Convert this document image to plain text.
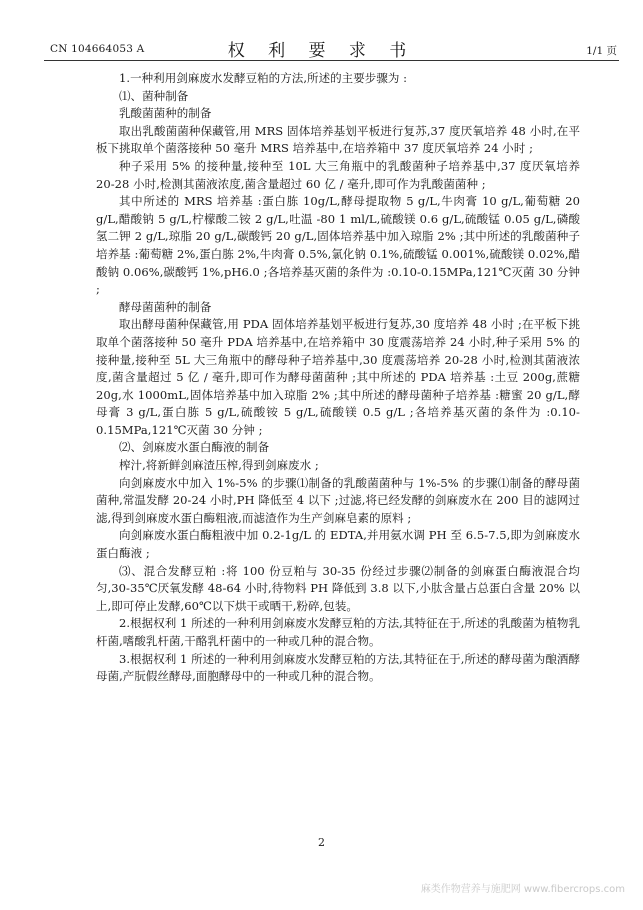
CN 104664053 A	权 利 要 求 书	1/1 页

1.一种利用剑麻废水发酵豆粕的方法,所述的主要步骤为 :

⑴、菌种制备

乳酸菌菌种的制备

取出乳酸菌菌种保藏管,用 MRS 固体培养基划平板进行复苏,37 度厌氧培养 48 小时,在平板下挑取单个菌落接种 50 毫升 MRS 培养基中,在培养箱中 37 度厌氧培养 24 小时 ;

种子采用 5% 的接种量,接种至 10L 大三角瓶中的乳酸菌种子培养基中,37 度厌氧培养 20-28 小时,检测其菌液浓度,菌含量超过 60 亿 / 毫升,即可作为乳酸菌菌种 ;

其中所述的 MRS 培养基 :蛋白胨 10g/L,酵母提取物 5 g/L,牛肉膏 10 g/L,葡萄糖 20 g/L,醋酸钠 5 g/L,柠檬酸二铵 2 g/L,吐温 -80 1 ml/L,硫酸镁 0.6 g/L,硫酸锰 0.05 g/L,磷酸氢二钾 2 g/L,琼脂 20 g/L,碳酸钙 20 g/L,固体培养基中加入琼脂 2% ;其中所述的乳酸菌种子培养基 :葡萄糖 2%,蛋白胨 2%,牛肉膏 0.5%,氯化钠 0.1%,硫酸锰 0.001%,硫酸镁 0.02%,醋酸钠 0.06%,碳酸钙 1%,pH6.0 ;各培养基灭菌的条件为 :0.10-0.15MPa,121℃灭菌 30 分钟 ;

酵母菌菌种的制备

取出酵母菌种保藏管,用 PDA 固体培养基划平板进行复苏,30 度培养 48 小时 ;在平板下挑取单个菌落接种 50 毫升 PDA 培养基中,在培养箱中 30 度震荡培养 24 小时,种子采用 5% 的接种量,接种至 5L 大三角瓶中的酵母种子培养基中,30 度震荡培养 20-28 小时,检测其菌液浓度,菌含量超过 5 亿 / 毫升,即可作为酵母菌菌种 ;其中所述的 PDA 培养基 :土豆 200g,蔗糖 20g,水 1000mL,固体培养基中加入琼脂 2% ;其中所述的酵母菌种子培养基 :糖蜜 20 g/L,酵母膏 3 g/L,蛋白胨 5 g/L,硫酸铵 5 g/L,硫酸镁 0.5 g/L ;各培养基灭菌的条件为 :0.10-0.15MPa,121℃灭菌 30 分钟 ;

⑵、剑麻废水蛋白酶液的制备

榨汁,将新鲜剑麻渣压榨,得到剑麻废水 ;

向剑麻废水中加入 1%-5% 的步骤⑴制备的乳酸菌菌种与 1%-5% 的步骤⑴制备的酵母菌菌种,常温发酵 20-24 小时,PH 降低至 4 以下 ;过滤,将已经发酵的剑麻废水在 200 目的滤网过滤,得到剑麻废水蛋白酶粗液,而滤渣作为生产剑麻皂素的原料 ;

向剑麻废水蛋白酶粗液中加 0.2-1g/L 的 EDTA,并用氨水调 PH 至 6.5-7.5,即为剑麻废水蛋白酶液 ;

⑶、混合发酵豆粕 :将 100 份豆粕与 30-35 份经过步骤⑵制备的剑麻蛋白酶液混合均匀,30-35℃厌氧发酵 48-64 小时,待物料 PH 降低到 3.8 以下,小肽含量占总蛋白含量 20% 以上,即可停止发酵,60℃以下烘干或晒干,粉碎,包装。

2.根据权利 1 所述的一种利用剑麻废水发酵豆粕的方法,其特征在于,所述的乳酸菌为植物乳杆菌,嗜酸乳杆菌,干酪乳杆菌中的一种或几种的混合物。

3.根据权利 1 所述的一种利用剑麻废水发酵豆粕的方法,其特征在于,所述的酵母菌为酿酒酵母菌,产朊假丝酵母,面胞酵母中的一种或几种的混合物。

2
麻类作物营养与施肥网 www.fibercrops.com
